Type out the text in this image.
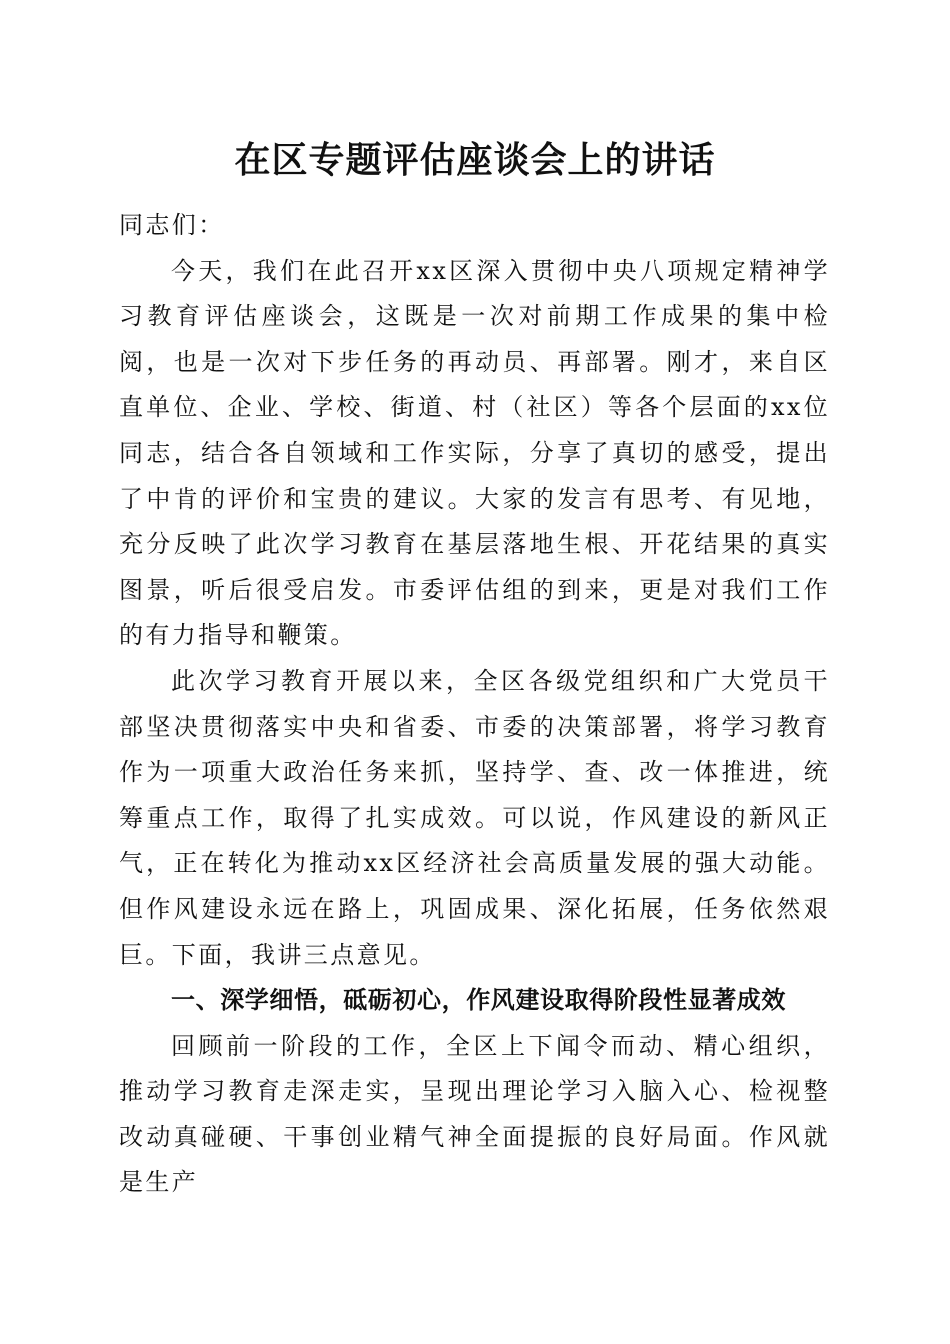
在区专题评估座谈会上的讲话

同志们：

今天，我们在此召开xx区深入贯彻中央八项规定精神学习教育评估座谈会，这既是一次对前期工作成果的集中检阅，也是一次对下步任务的再动员、再部署。刚才，来自区直单位、企业、学校、街道、村（社区）等各个层面的xx位同志，结合各自领域和工作实际，分享了真切的感受，提出了中肯的评价和宝贵的建议。大家的发言有思考、有见地，充分反映了此次学习教育在基层落地生根、开花结果的真实图景，听后很受启发。市委评估组的到来，更是对我们工作的有力指导和鞭策。

此次学习教育开展以来，全区各级党组织和广大党员干部坚决贯彻落实中央和省委、市委的决策部署，将学习教育作为一项重大政治任务来抓，坚持学、查、改一体推进，统筹重点工作，取得了扎实成效。可以说，作风建设的新风正气，正在转化为推动xx区经济社会高质量发展的强大动能。但作风建设永远在路上，巩固成果、深化拓展，任务依然艰巨。下面，我讲三点意见。

一、深学细悟，砥砺初心，作风建设取得阶段性显著成效

回顾前一阶段的工作，全区上下闻令而动、精心组织，推动学习教育走深走实，呈现出理论学习入脑入心、检视整改动真碰硬、干事创业精气神全面提振的良好局面。作风就是生产
